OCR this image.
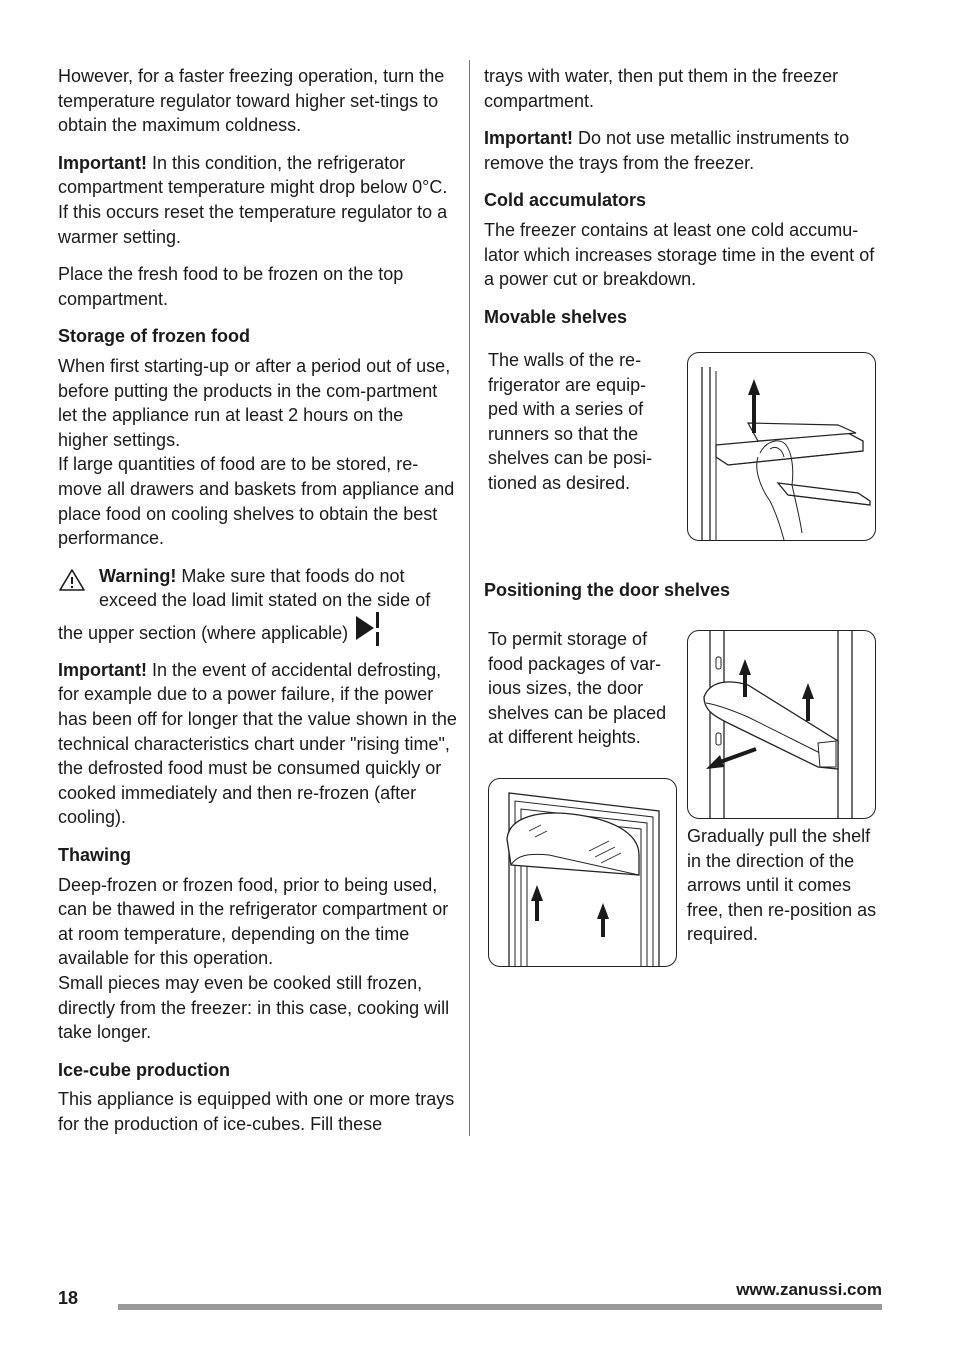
However, for a faster freezing operation, turn the temperature regulator toward higher set-tings to obtain the maximum coldness.

Important! In this condition, the refrigerator compartment temperature might drop below 0°C. If this occurs reset the temperature regulator to a warmer setting.

Place the fresh food to be frozen on the top compartment.

Storage of frozen food

When first starting-up or after a period out of use, before putting the products in the com-partment let the appliance run at least 2 hours on the higher settings.

If large quantities of food are to be stored, re-move all drawers and baskets from appliance and place food on cooling shelves to obtain the best performance.

Warning! Make sure that foods do not exceed the load limit stated on the side of
the upper section (where applicable)

Important! In the event of accidental defrosting, for example due to a power failure, if the power has been off for longer that the value shown in the technical characteristics chart under "rising time", the defrosted food must be consumed quickly or cooked immediately and then re-frozen (after cooling).

Thawing

Deep-frozen or frozen food, prior to being used, can be thawed in the refrigerator compartment or at room temperature, depending on the time available for this operation.

Small pieces may even be cooked still frozen, directly from the freezer: in this case, cooking will take longer.

Ice-cube production

This appliance is equipped with one or more trays for the production of ice-cubes. Fill these

trays with water, then put them in the freezer compartment.

Important! Do not use metallic instruments to remove the trays from the freezer.

Cold accumulators

The freezer contains at least one cold accumu-lator which increases storage time in the event of a power cut or breakdown.

Movable shelves
The walls of the re-frigerator are equip-ped with a series of runners so that the shelves can be posi-tioned as desired.
Positioning the door shelves
To permit storage of food packages of var-ious sizes, the door shelves can be placed at different heights.
Gradually pull the shelf in the direction of the arrows until it comes free, then re-position as required.
18	www.zanussi.com
